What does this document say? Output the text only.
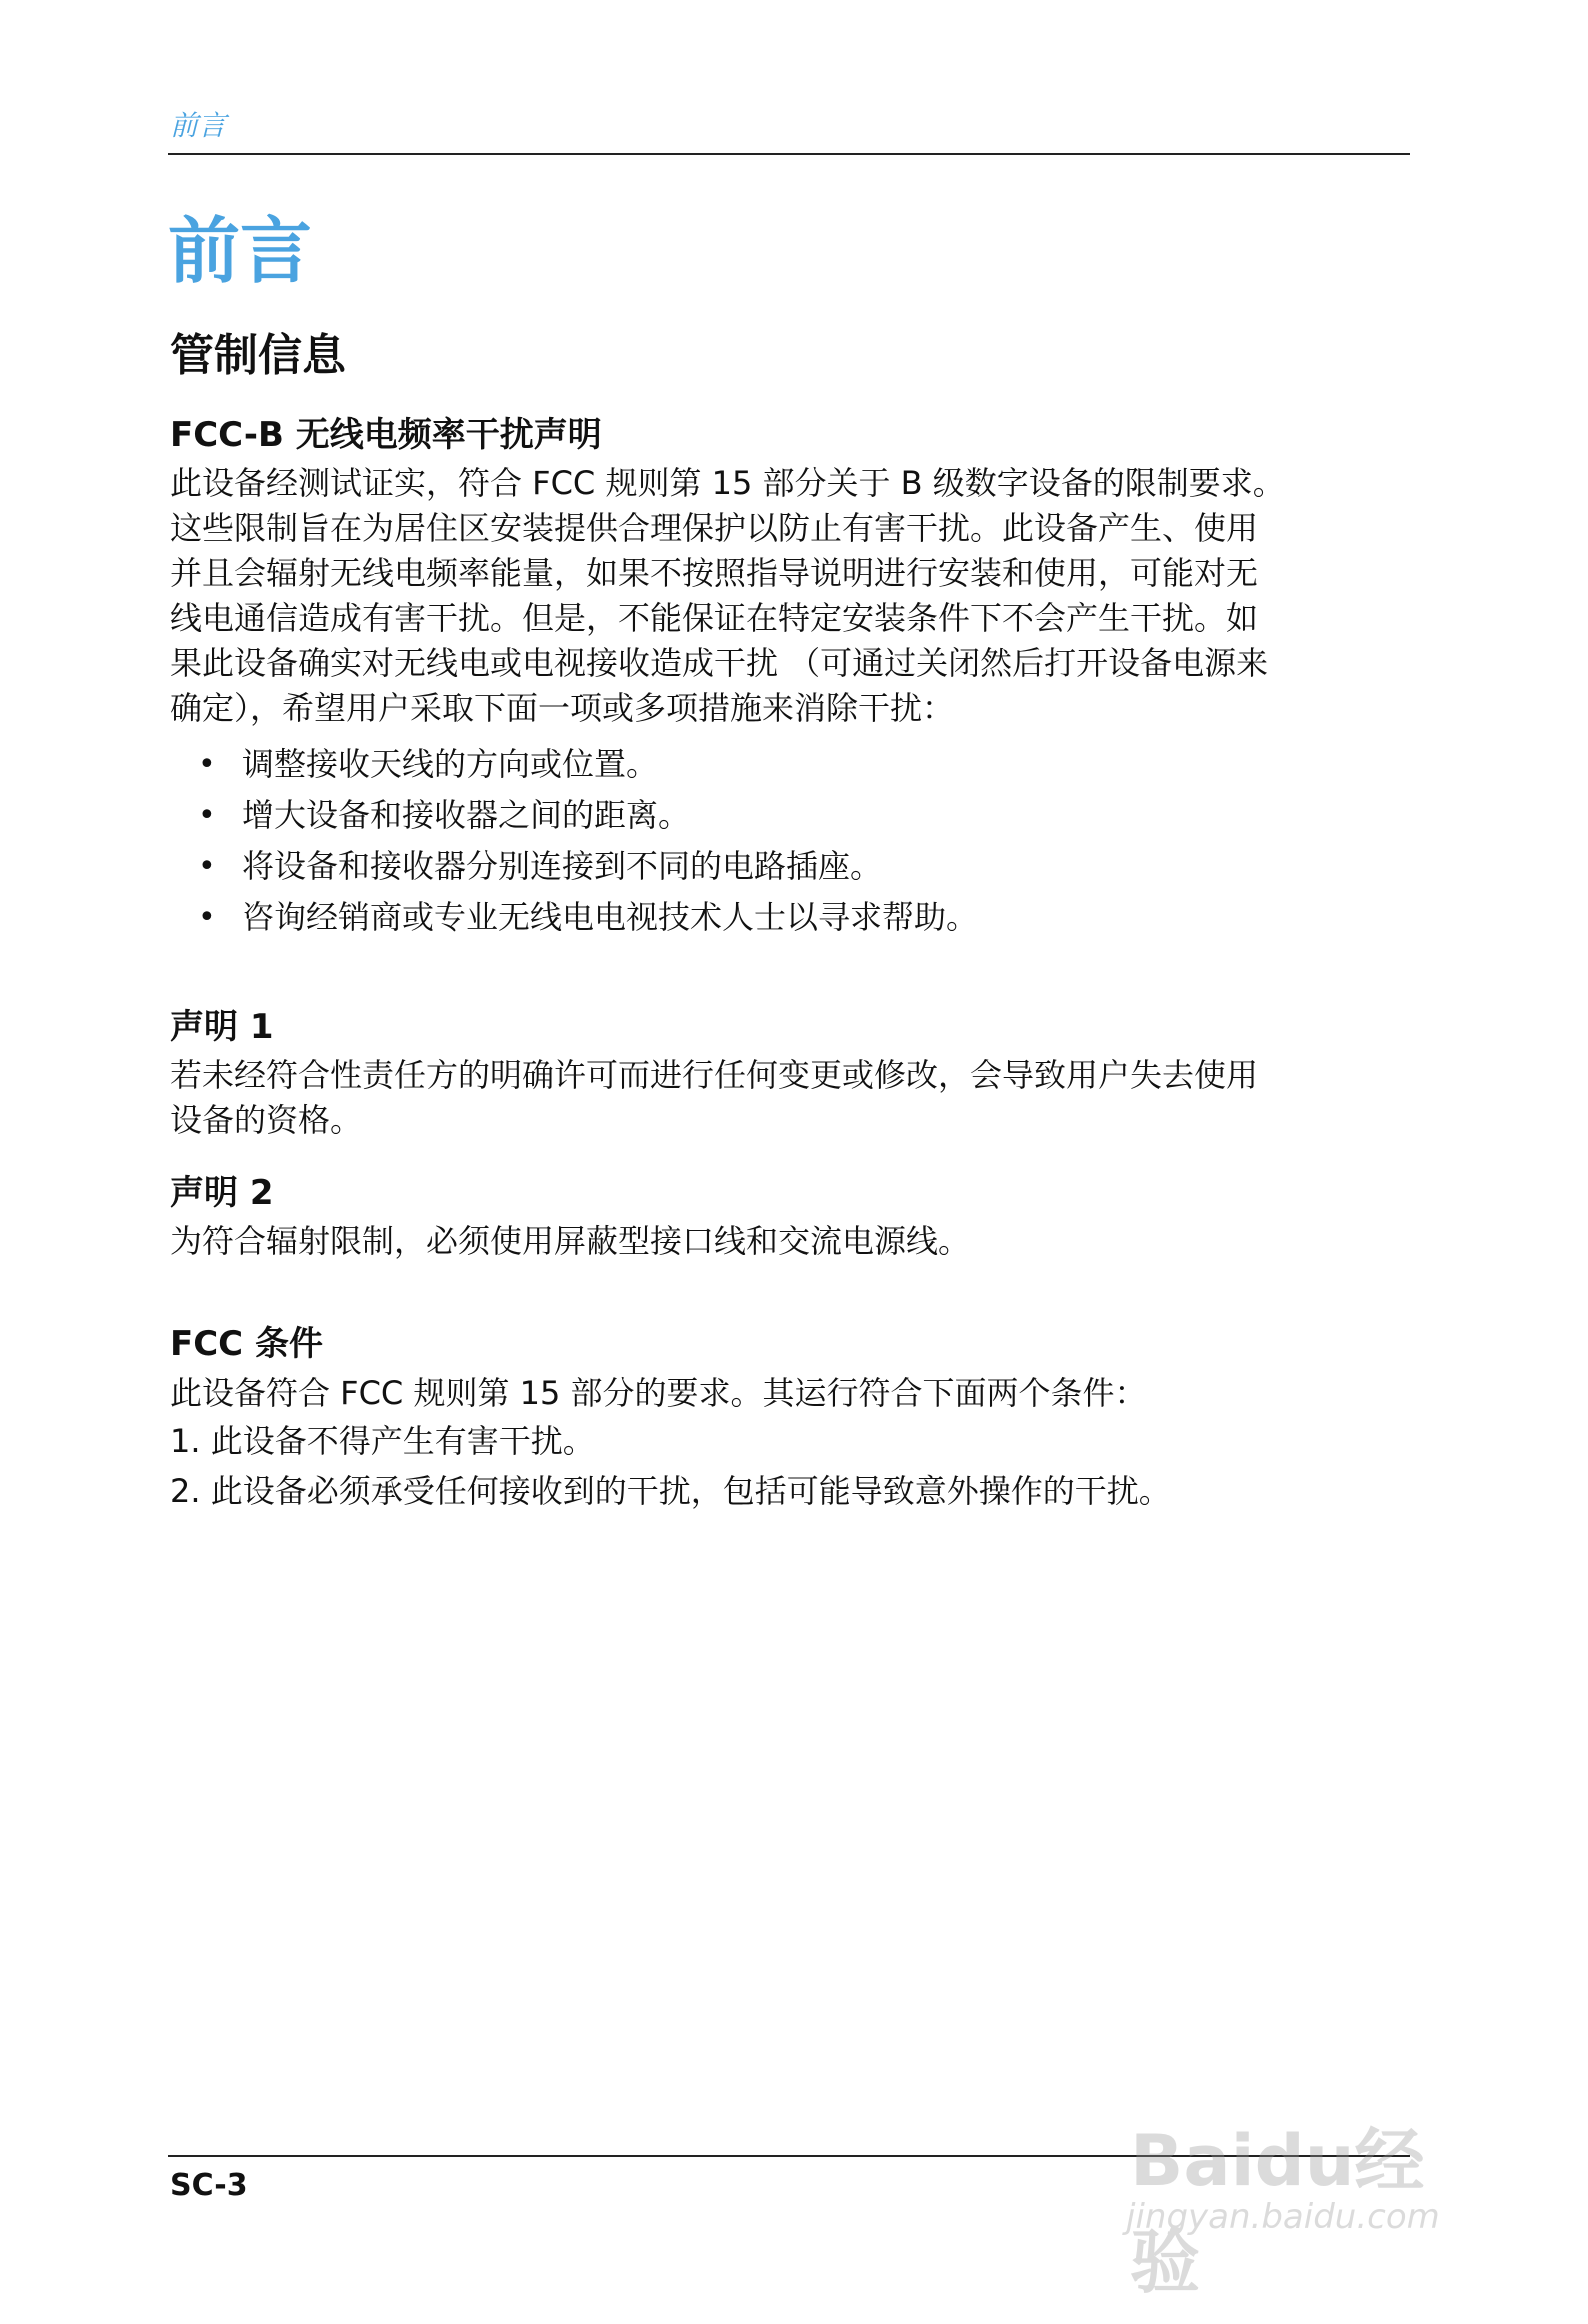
前言
前言
管制信息
FCC-B 无线电频率干扰声明

此设备经测试证实，符合 FCC 规则第 15 部分关于 B 级数字设备的限制要求。

这些限制旨在为居住区安装提供合理保护以防止有害干扰。此设备产生、使用

并且会辐射无线电频率能量，如果不按照指导说明进行安装和使用，可能对无

线电通信造成有害干扰。但是，不能保证在特定安装条件下不会产生干扰。如

果此设备确实对无线电或电视接收造成干扰 （可通过关闭然后打开设备电源来

确定），希望用户采取下面一项或多项措施来消除干扰：

• 调整接收天线的方向或位置。
• 增大设备和接收器之间的距离。
• 将设备和接收器分别连接到不同的电路插座。
• 咨询经销商或专业无线电电视技术人士以寻求帮助。
声明 1

若未经符合性责任方的明确许可而进行任何变更或修改，会导致用户失去使用

设备的资格。

声明 2

为符合辐射限制，必须使用屏蔽型接口线和交流电源线。

FCC 条件

此设备符合 FCC 规则第 15 部分的要求。其运行符合下面两个条件：

1. 此设备不得产生有害干扰。

2. 此设备必须承受任何接收到的干扰，包括可能导致意外操作的干扰。

SC-3	Baidu经验
jingyan.baidu.com
